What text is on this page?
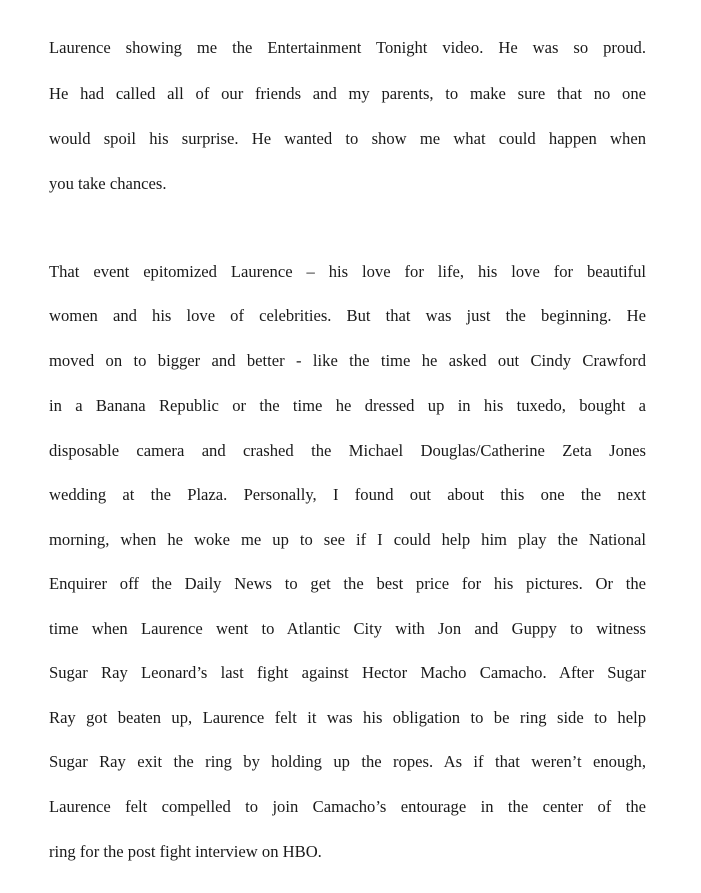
Laurence showing me the Entertainment Tonight video. He was so proud.

He had called all of our friends and my parents, to make sure that no one

would spoil his surprise. He wanted to show me what could happen when

you take chances.

That event epitomized Laurence – his love for life, his love for beautiful

women and his love of celebrities. But that was just the beginning. He

moved on to bigger and better - like the time he asked out Cindy Crawford

in a Banana Republic or the time he dressed up in his tuxedo, bought a

disposable camera and crashed the Michael Douglas/Catherine Zeta Jones

wedding at the Plaza. Personally, I found out about this one the next

morning, when he woke me up to see if I could help him play the National

Enquirer off the Daily News to get the best price for his pictures. Or the

time when Laurence went to Atlantic City with Jon and Guppy to witness

Sugar Ray Leonard’s last fight against Hector Macho Camacho. After Sugar

Ray got beaten up, Laurence felt it was his obligation to be ring side to help

Sugar Ray exit the ring by holding up the ropes. As if that weren’t enough,

Laurence felt compelled to join Camacho’s entourage in the center of the

ring for the post fight interview on HBO.
